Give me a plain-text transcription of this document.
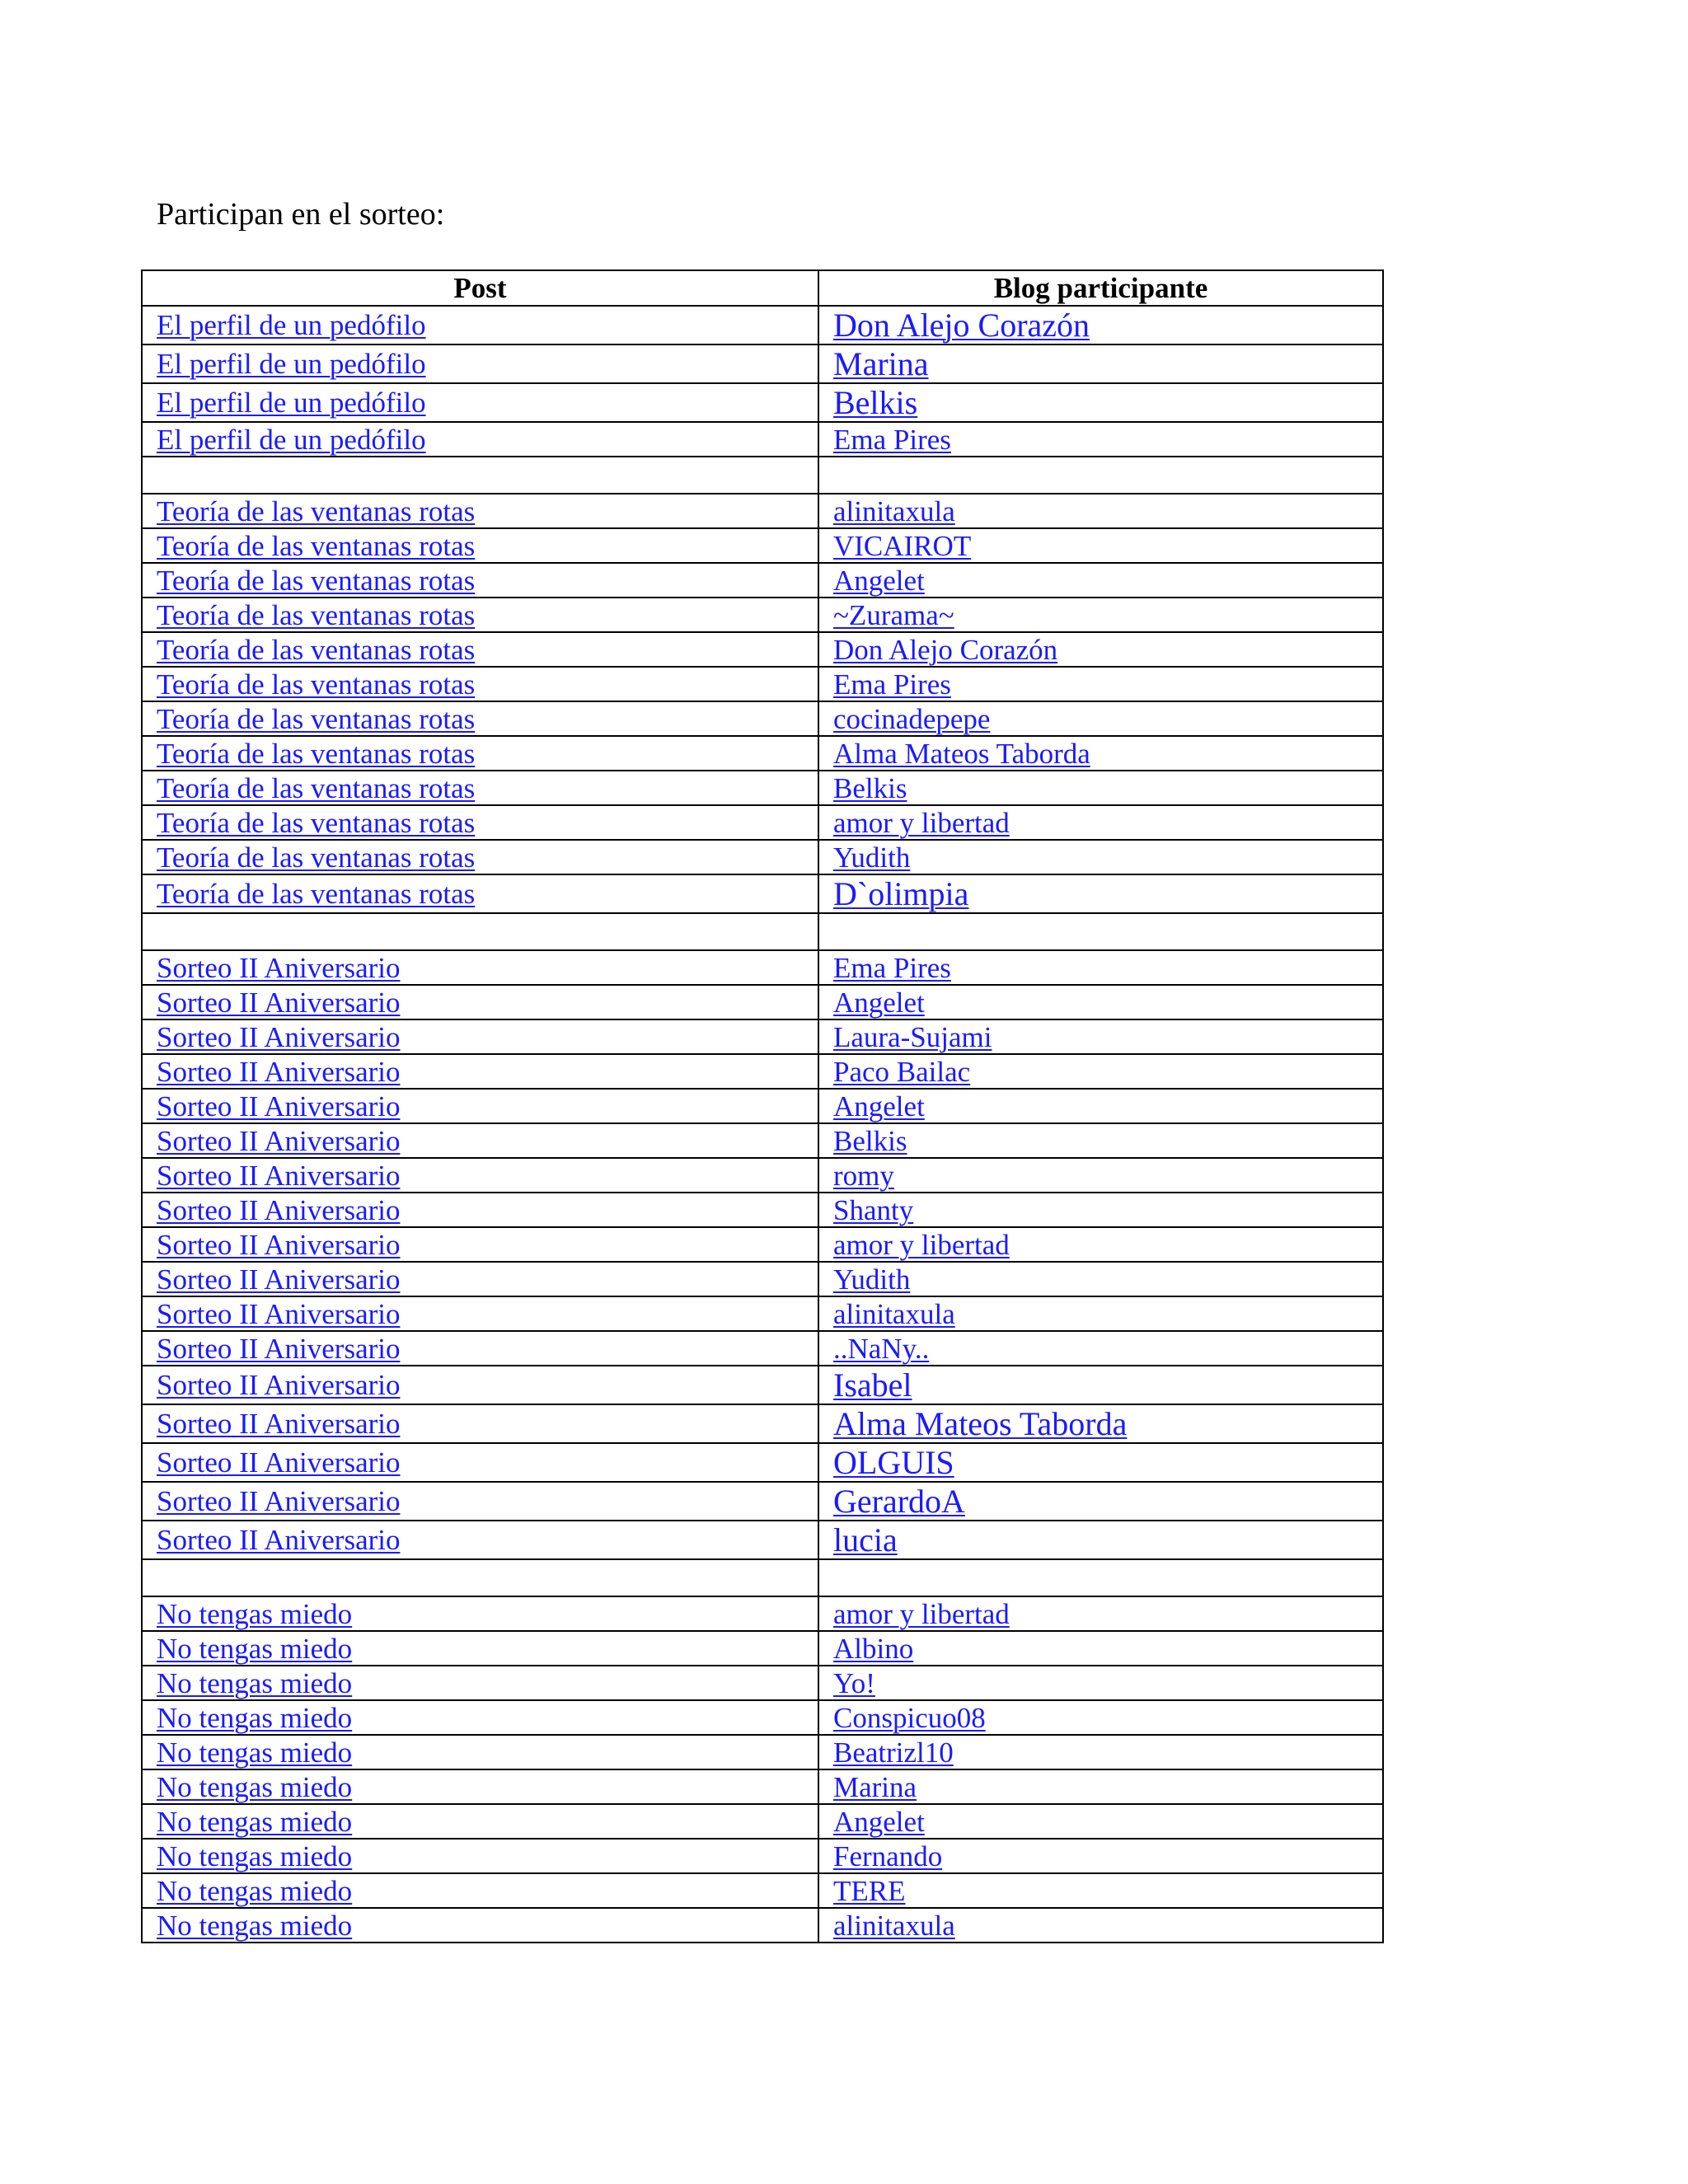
Participan en el sorteo:

Post	Blog participante
El perfil de un pedófilo	Don Alejo Corazón
El perfil de un pedófilo	Marina
El perfil de un pedófilo	Belkis
El perfil de un pedófilo	Ema Pires

Teoría de las ventanas rotas	alinitaxula
Teoría de las ventanas rotas	VICAIROT
Teoría de las ventanas rotas	Angelet
Teoría de las ventanas rotas	~Zurama~
Teoría de las ventanas rotas	Don Alejo Corazón
Teoría de las ventanas rotas	Ema Pires
Teoría de las ventanas rotas	cocinadepepe
Teoría de las ventanas rotas	Alma Mateos Taborda
Teoría de las ventanas rotas	Belkis
Teoría de las ventanas rotas	amor y libertad
Teoría de las ventanas rotas	Yudith
Teoría de las ventanas rotas	D`olimpia

Sorteo II Aniversario	Ema Pires
Sorteo II Aniversario	Angelet
Sorteo II Aniversario	Laura-Sujami
Sorteo II Aniversario	Paco Bailac
Sorteo II Aniversario	Angelet
Sorteo II Aniversario	Belkis
Sorteo II Aniversario	romy
Sorteo II Aniversario	Shanty
Sorteo II Aniversario	amor y libertad
Sorteo II Aniversario	Yudith
Sorteo II Aniversario	alinitaxula
Sorteo II Aniversario	..NaNy..
Sorteo II Aniversario	Isabel
Sorteo II Aniversario	Alma Mateos Taborda
Sorteo II Aniversario	OLGUIS
Sorteo II Aniversario	GerardoA
Sorteo II Aniversario	lucia

No tengas miedo	amor y libertad
No tengas miedo	Albino
No tengas miedo	Yo!
No tengas miedo	Conspicuo08
No tengas miedo	Beatrizl10
No tengas miedo	Marina
No tengas miedo	Angelet
No tengas miedo	Fernando
No tengas miedo	TERE
No tengas miedo	alinitaxula
